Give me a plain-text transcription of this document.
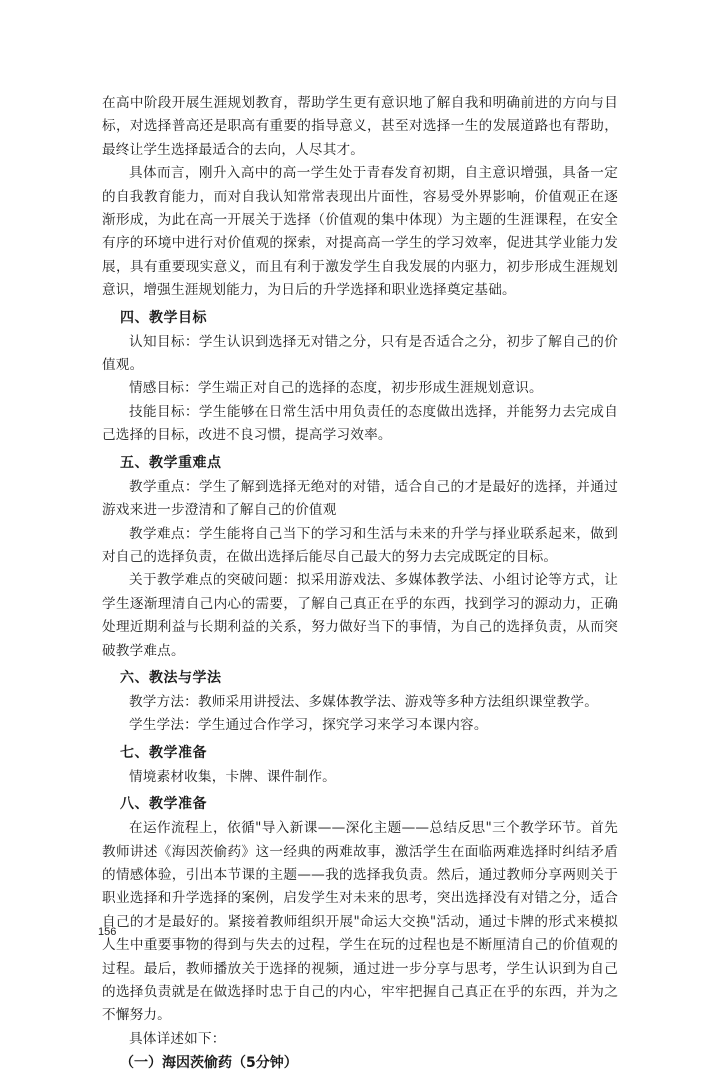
在高中阶段开展生涯规划教育，帮助学生更有意识地了解自我和明确前进的方向与目标，对选择普高还是职高有重要的指导意义，甚至对选择一生的发展道路也有帮助，最终让学生选择最适合的去向，人尽其才。

具体而言，刚升入高中的高一学生处于青春发育初期，自主意识增强，具备一定的自我教育能力，而对自我认知常常表现出片面性，容易受外界影响，价值观正在逐渐形成，为此在高一开展关于选择（价值观的集中体现）为主题的生涯课程，在安全有序的环境中进行对价值观的探索，对提高高一学生的学习效率，促进其学业能力发展，具有重要现实意义，而且有利于激发学生自我发展的内驱力，初步形成生涯规划意识，增强生涯规划能力，为日后的升学选择和职业选择奠定基础。

四、教学目标

认知目标：学生认识到选择无对错之分，只有是否适合之分，初步了解自己的价值观。

情感目标：学生端正对自己的选择的态度，初步形成生涯规划意识。

技能目标：学生能够在日常生活中用负责任的态度做出选择，并能努力去完成自己选择的目标，改进不良习惯，提高学习效率。

五、教学重难点

教学重点：学生了解到选择无绝对的对错，适合自己的才是最好的选择，并通过游戏来进一步澄清和了解自己的价值观

教学难点：学生能将自己当下的学习和生活与未来的升学与择业联系起来，做到对自己的选择负责，在做出选择后能尽自己最大的努力去完成既定的目标。

关于教学难点的突破问题：拟采用游戏法、多媒体教学法、小组讨论等方式，让学生逐渐理清自己内心的需要，了解自己真正在乎的东西，找到学习的源动力，正确处理近期利益与长期利益的关系，努力做好当下的事情，为自己的选择负责，从而突破教学难点。

六、教法与学法

教学方法：教师采用讲授法、多媒体教学法、游戏等多种方法组织课堂教学。

学生学法：学生通过合作学习，探究学习来学习本课内容。

七、教学准备

情境素材收集，卡牌、课件制作。

八、教学准备

在运作流程上，依循"导入新课——深化主题——总结反思"三个教学环节。首先教师讲述《海因茨偷药》这一经典的两难故事，激活学生在面临两难选择时纠结矛盾的情感体验，引出本节课的主题——我的选择我负责。然后，通过教师分享两则关于职业选择和升学选择的案例，启发学生对未来的思考，突出选择没有对错之分，适合自己的才是最好的。紧接着教师组织开展"命运大交换"活动，通过卡牌的形式来模拟人生中重要事物的得到与失去的过程，学生在玩的过程也是不断厘清自己的价值观的过程。最后，教师播放关于选择的视频，通过进一步分享与思考，学生认识到为自己的选择负责就是在做选择时忠于自己的内心，牢牢把握自己真正在乎的东西，并为之不懈努力。

具体详述如下：

（一）海因茨偷药（5分钟）
156
